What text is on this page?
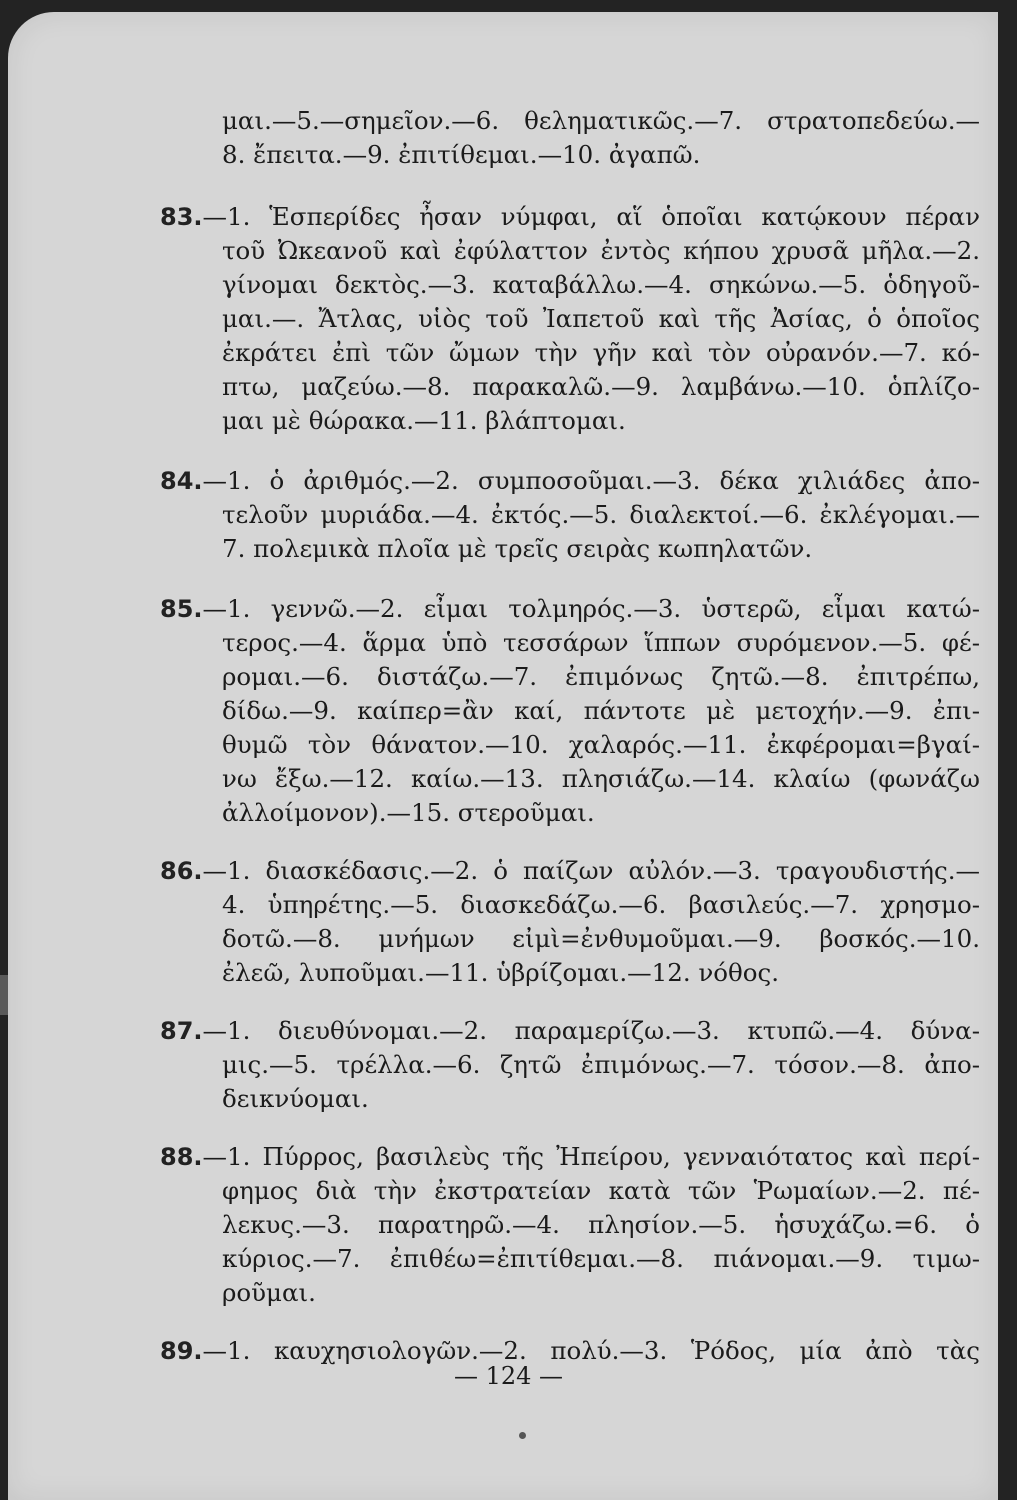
μαι.—5.—σημεῖον.—6. θεληματικῶς.—7. στρατοπεδεύω.—
8. ἔπειτα.—9. ἐπιτίθεμαι.—10. ἀγαπῶ.
83.—1. Ἑσπερίδες ἦσαν νύμφαι, αἵ ὁποῖαι κατῴκουν πέραν
τοῦ Ὠκεανοῦ καὶ ἐφύλαττον ἐντὸς κήπου χρυσᾶ μῆλα.—2.
γίνομαι δεκτὸς.—3. καταβάλλω.—4. σηκώνω.—5. ὁδηγοῦ-
μαι.—. Ἄτλας, υἱὸς τοῦ Ἰαπετοῦ καὶ τῆς Ἀσίας, ὁ ὁποῖος
ἐκράτει ἐπὶ τῶν ὤμων τὴν γῆν καὶ τὸν οὐρανόν.—7. κό-
πτω, μαζεύω.—8. παρακαλῶ.—9. λαμβάνω.—10. ὁπλίζο-
μαι μὲ θώρακα.—11. βλάπτομαι.
84.—1. ὁ ἀριθμός.—2. συμποσοῦμαι.—3. δέκα χιλιάδες ἀπο-
τελοῦν μυριάδα.—4. ἐκτός.—5. διαλεκτοί.—6. ἐκλέγομαι.—
7. πολεμικὰ πλοῖα μὲ τρεῖς σειρὰς κωπηλατῶν.
85.—1. γεννῶ.—2. εἶμαι τολμηρός.—3. ὑστερῶ, εἶμαι κατώ-
τερος.—4. ἅρμα ὑπὸ τεσσάρων ἵππων συρόμενον.—5. φέ-
ρομαι.—6. διστάζω.—7. ἐπιμόνως ζητῶ.—8. ἐπιτρέπω,
δίδω.—9. καίπερ=ἂν καί, πάντοτε μὲ μετοχήν.—9. ἐπι-
θυμῶ τὸν θάνατον.—10. χαλαρός.—11. ἐκφέρομαι=βγαί-
νω ἔξω.—12. καίω.—13. πλησιάζω.—14. κλαίω (φωνάζω
ἀλλοίμονον).—15. στεροῦμαι.
86.—1. διασκέδασις.—2. ὁ παίζων αὐλόν.—3. τραγουδιστής.—
4. ὑπηρέτης.—5. διασκεδάζω.—6. βασιλεύς.—7. χρησμο-
δοτῶ.—8. μνήμων εἰμὶ=ἐνθυμοῦμαι.—9. βοσκός.—10.
ἐλεῶ, λυποῦμαι.—11. ὑβρίζομαι.—12. νόθος.
87.—1. διευθύνομαι.—2. παραμερίζω.—3. κτυπῶ.—4. δύνα-
μις.—5. τρέλλα.—6. ζητῶ ἐπιμόνως.—7. τόσον.—8. ἀπο-
δεικνύομαι.
88.—1. Πύρρος, βασιλεὺς τῆς Ἠπείρου, γενναιότατος καὶ περί-
φημος διὰ τὴν ἐκστρατείαν κατὰ τῶν Ῥωμαίων.—2. πέ-
λεκυς.—3. παρατηρῶ.—4. πλησίον.—5. ἡσυχάζω.=6. ὁ
κύριος.—7. ἐπιθέω=ἐπιτίθεμαι.—8. πιάνομαι.—9. τιμω-
ροῦμαι.
89.—1. καυχησιολογῶν.—2. πολύ.—3. Ῥόδος, μία ἀπὸ τὰς
— 124 —
